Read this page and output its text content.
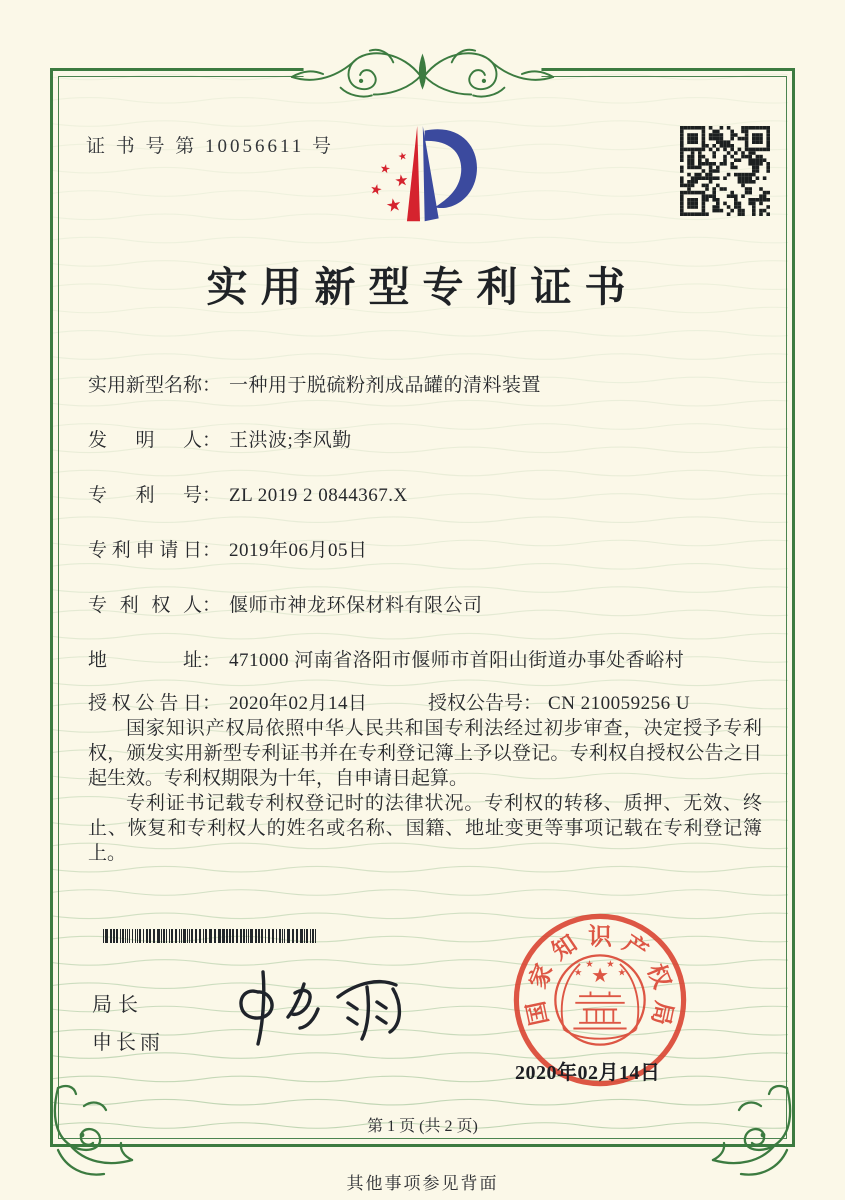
证 书 号 第 10056611 号	★
★
★
★
★
实用新型专利证书
实用新型名称： 一种用于脱硫粉剂成品罐的清料装置
发明人： 王洪波;李风勤
专利号： ZL 2019 2 0844367.X
专利申请日： 2019年06月05日
专利权人： 偃师市神龙环保材料有限公司
地址： 471000 河南省洛阳市偃师市首阳山街道办事处香峪村
授权公告日： 2020年02月14日	授权公告号： CN 210059256 U

国家知识产权局依照中华人民共和国专利法经过初步审查，决定授予专利权，颁发实用新型专利证书并在专利登记簿上予以登记。专利权自授权公告之日起生效。专利权期限为十年，自申请日起算。

专利证书记载专利权登记时的法律状况。专利权的转移、质押、无效、终止、恢复和专利权人的姓名或名称、国籍、地址变更等事项记载在专利登记簿上。

局长
申长雨
★
★
★ ★
★
国
家
知 识 产
权
局
2020年02月14日
第 1 页 (共 2 页)
其他事项参见背面
